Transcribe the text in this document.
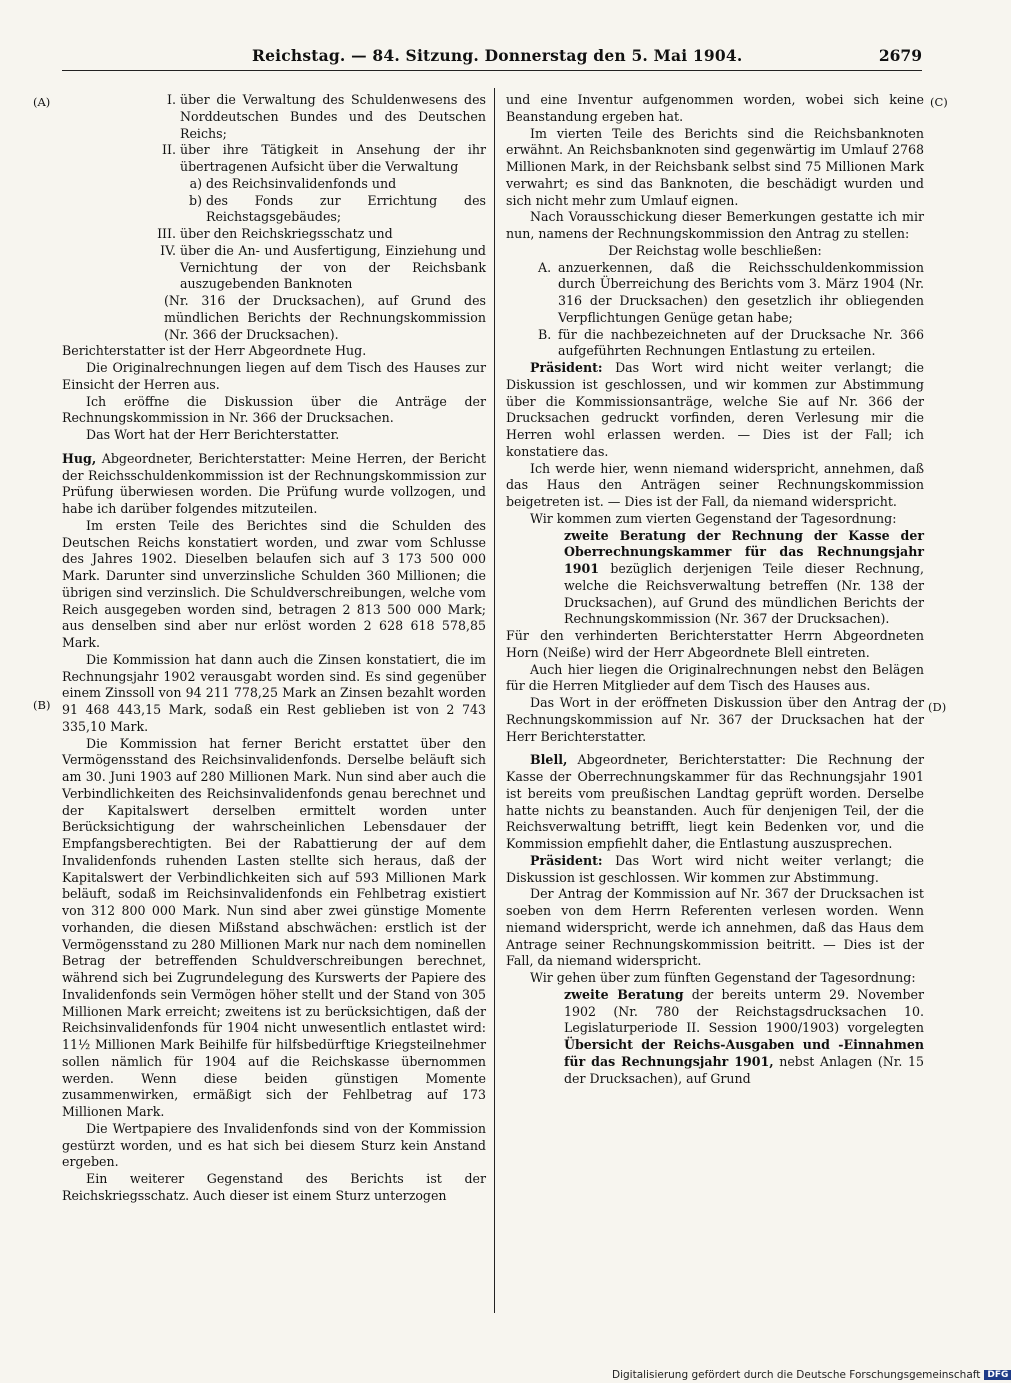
Reichstag. — 84. Sitzung. Donnerstag den 5. Mai 1904.	2679
(A)
(B)
(C)
(D)
I. über die Verwaltung des Schuldenwesens des Norddeutschen Bundes und des Deutschen Reichs;
II. über ihre Tätigkeit in Ansehung der ihr übertragenen Aufsicht über die Verwaltung
a) des Reichsinvalidenfonds und
b) des Fonds zur Errichtung des Reichstagsgebäudes;
III. über den Reichskriegsschatz und
IV. über die An- und Ausfertigung, Einziehung und Vernichtung der von der Reichsbank auszugebenden Banknoten
(Nr. 316 der Drucksachen), auf Grund des mündlichen Berichts der Rechnungskommission (Nr. 366 der Drucksachen).

Berichterstatter ist der Herr Abgeordnete Hug.

Die Originalrechnungen liegen auf dem Tisch des Hauses zur Einsicht der Herren aus.

Ich eröffne die Diskussion über die Anträge der Rechnungskommission in Nr. 366 der Drucksachen.

Das Wort hat der Herr Berichterstatter.

Hug, Abgeordneter, Berichterstatter: Meine Herren, der Bericht der Reichsschuldenkommission ist der Rechnungskommission zur Prüfung überwiesen worden. Die Prüfung wurde vollzogen, und habe ich darüber folgendes mitzuteilen.

Im ersten Teile des Berichtes sind die Schulden des Deutschen Reichs konstatiert worden, und zwar vom Schlusse des Jahres 1902. Dieselben belaufen sich auf 3 173 500 000 Mark. Darunter sind unverzinsliche Schulden 360 Millionen; die übrigen sind verzinslich. Die Schuldverschreibungen, welche vom Reich ausgegeben worden sind, betragen 2 813 500 000 Mark; aus denselben sind aber nur erlöst worden 2 628 618 578,85 Mark.

Die Kommission hat dann auch die Zinsen konstatiert, die im Rechnungsjahr 1902 verausgabt worden sind. Es sind gegenüber einem Zinssoll von 94 211 778,25 Mark an Zinsen bezahlt worden 91 468 443,15 Mark, sodaß ein Rest geblieben ist von 2 743 335,10 Mark.

Die Kommission hat ferner Bericht erstattet über den Vermögensstand des Reichsinvalidenfonds. Derselbe beläuft sich am 30. Juni 1903 auf 280 Millionen Mark. Nun sind aber auch die Verbindlichkeiten des Reichsinvalidenfonds genau berechnet und der Kapitalswert derselben ermittelt worden unter Berücksichtigung der wahrscheinlichen Lebensdauer der Empfangsberechtigten. Bei der Rabattierung der auf dem Invalidenfonds ruhenden Lasten stellte sich heraus, daß der Kapitalswert der Verbindlichkeiten sich auf 593 Millionen Mark beläuft, sodaß im Reichsinvalidenfonds ein Fehlbetrag existiert von 312 800 000 Mark. Nun sind aber zwei günstige Momente vorhanden, die diesen Mißstand abschwächen: erstlich ist der Vermögensstand zu 280 Millionen Mark nur nach dem nominellen Betrag der betreffenden Schuldverschreibungen berechnet, während sich bei Zugrundelegung des Kurswerts der Papiere des Invalidenfonds sein Vermögen höher stellt und der Stand von 305 Millionen Mark erreicht; zweitens ist zu berücksichtigen, daß der Reichsinvalidenfonds für 1904 nicht unwesentlich entlastet wird: 11½ Millionen Mark Beihilfe für hilfsbedürftige Kriegsteilnehmer sollen nämlich für 1904 auf die Reichskasse übernommen werden. Wenn diese beiden günstigen Momente zusammenwirken, ermäßigt sich der Fehlbetrag auf 173 Millionen Mark.

Die Wertpapiere des Invalidenfonds sind von der Kommission gestürzt worden, und es hat sich bei diesem Sturz kein Anstand ergeben.

Ein weiterer Gegenstand des Berichts ist der Reichskriegsschatz. Auch dieser ist einem Sturz unterzogen

und eine Inventur aufgenommen worden, wobei sich keine Beanstandung ergeben hat.

Im vierten Teile des Berichts sind die Reichsbanknoten erwähnt. An Reichsbanknoten sind gegenwärtig im Umlauf 2768 Millionen Mark, in der Reichsbank selbst sind 75 Millionen Mark verwahrt; es sind das Banknoten, die beschädigt wurden und sich nicht mehr zum Umlauf eignen.

Nach Vorausschickung dieser Bemerkungen gestatte ich mir nun, namens der Rechnungskommission den Antrag zu stellen:

Der Reichstag wolle beschließen:
A. anzuerkennen, daß die Reichsschuldenkommission durch Überreichung des Berichts vom 3. März 1904 (Nr. 316 der Drucksachen) den gesetzlich ihr obliegenden Verpflichtungen Genüge getan habe;
B. für die nachbezeichneten auf der Drucksache Nr. 366 aufgeführten Rechnungen Entlastung zu erteilen.

Präsident: Das Wort wird nicht weiter verlangt; die Diskussion ist geschlossen, und wir kommen zur Abstimmung über die Kommissionsanträge, welche Sie auf Nr. 366 der Drucksachen gedruckt vorfinden, deren Verlesung mir die Herren wohl erlassen werden. — Dies ist der Fall; ich konstatiere das.

Ich werde hier, wenn niemand widerspricht, annehmen, daß das Haus den Anträgen seiner Rechnungskommission beigetreten ist. — Dies ist der Fall, da niemand widerspricht.

Wir kommen zum vierten Gegenstand der Tagesordnung:

zweite Beratung der Rechnung der Kasse der Oberrechnungskammer für das Rechnungsjahr 1901 bezüglich derjenigen Teile dieser Rechnung, welche die Reichsverwaltung betreffen (Nr. 138 der Drucksachen), auf Grund des mündlichen Berichts der Rechnungskommission (Nr. 367 der Drucksachen).

Für den verhinderten Berichterstatter Herrn Abgeordneten Horn (Neiße) wird der Herr Abgeordnete Blell eintreten.

Auch hier liegen die Originalrechnungen nebst den Belägen für die Herren Mitglieder auf dem Tisch des Hauses aus.

Das Wort in der eröffneten Diskussion über den Antrag der Rechnungskommission auf Nr. 367 der Drucksachen hat der Herr Berichterstatter.

Blell, Abgeordneter, Berichterstatter: Die Rechnung der Kasse der Oberrechnungskammer für das Rechnungsjahr 1901 ist bereits vom preußischen Landtag geprüft worden. Derselbe hatte nichts zu beanstanden. Auch für denjenigen Teil, der die Reichsverwaltung betrifft, liegt kein Bedenken vor, und die Kommission empfiehlt daher, die Entlastung auszusprechen.

Präsident: Das Wort wird nicht weiter verlangt; die Diskussion ist geschlossen. Wir kommen zur Abstimmung.

Der Antrag der Kommission auf Nr. 367 der Drucksachen ist soeben von dem Herrn Referenten verlesen worden. Wenn niemand widerspricht, werde ich annehmen, daß das Haus dem Antrage seiner Rechnungskommission beitritt. — Dies ist der Fall, da niemand widerspricht.

Wir gehen über zum fünften Gegenstand der Tagesordnung:

zweite Beratung der bereits unterm 29. November 1902 (Nr. 780 der Reichstagsdrucksachen 10. Legislaturperiode II. Session 1900/1903) vorgelegten Übersicht der Reichs-Ausgaben und -Einnahmen für das Rechnungsjahr 1901, nebst Anlagen (Nr. 15 der Drucksachen), auf Grund
Digitalisierung gefördert durch die Deutsche Forschungsgemeinschaft DFG
